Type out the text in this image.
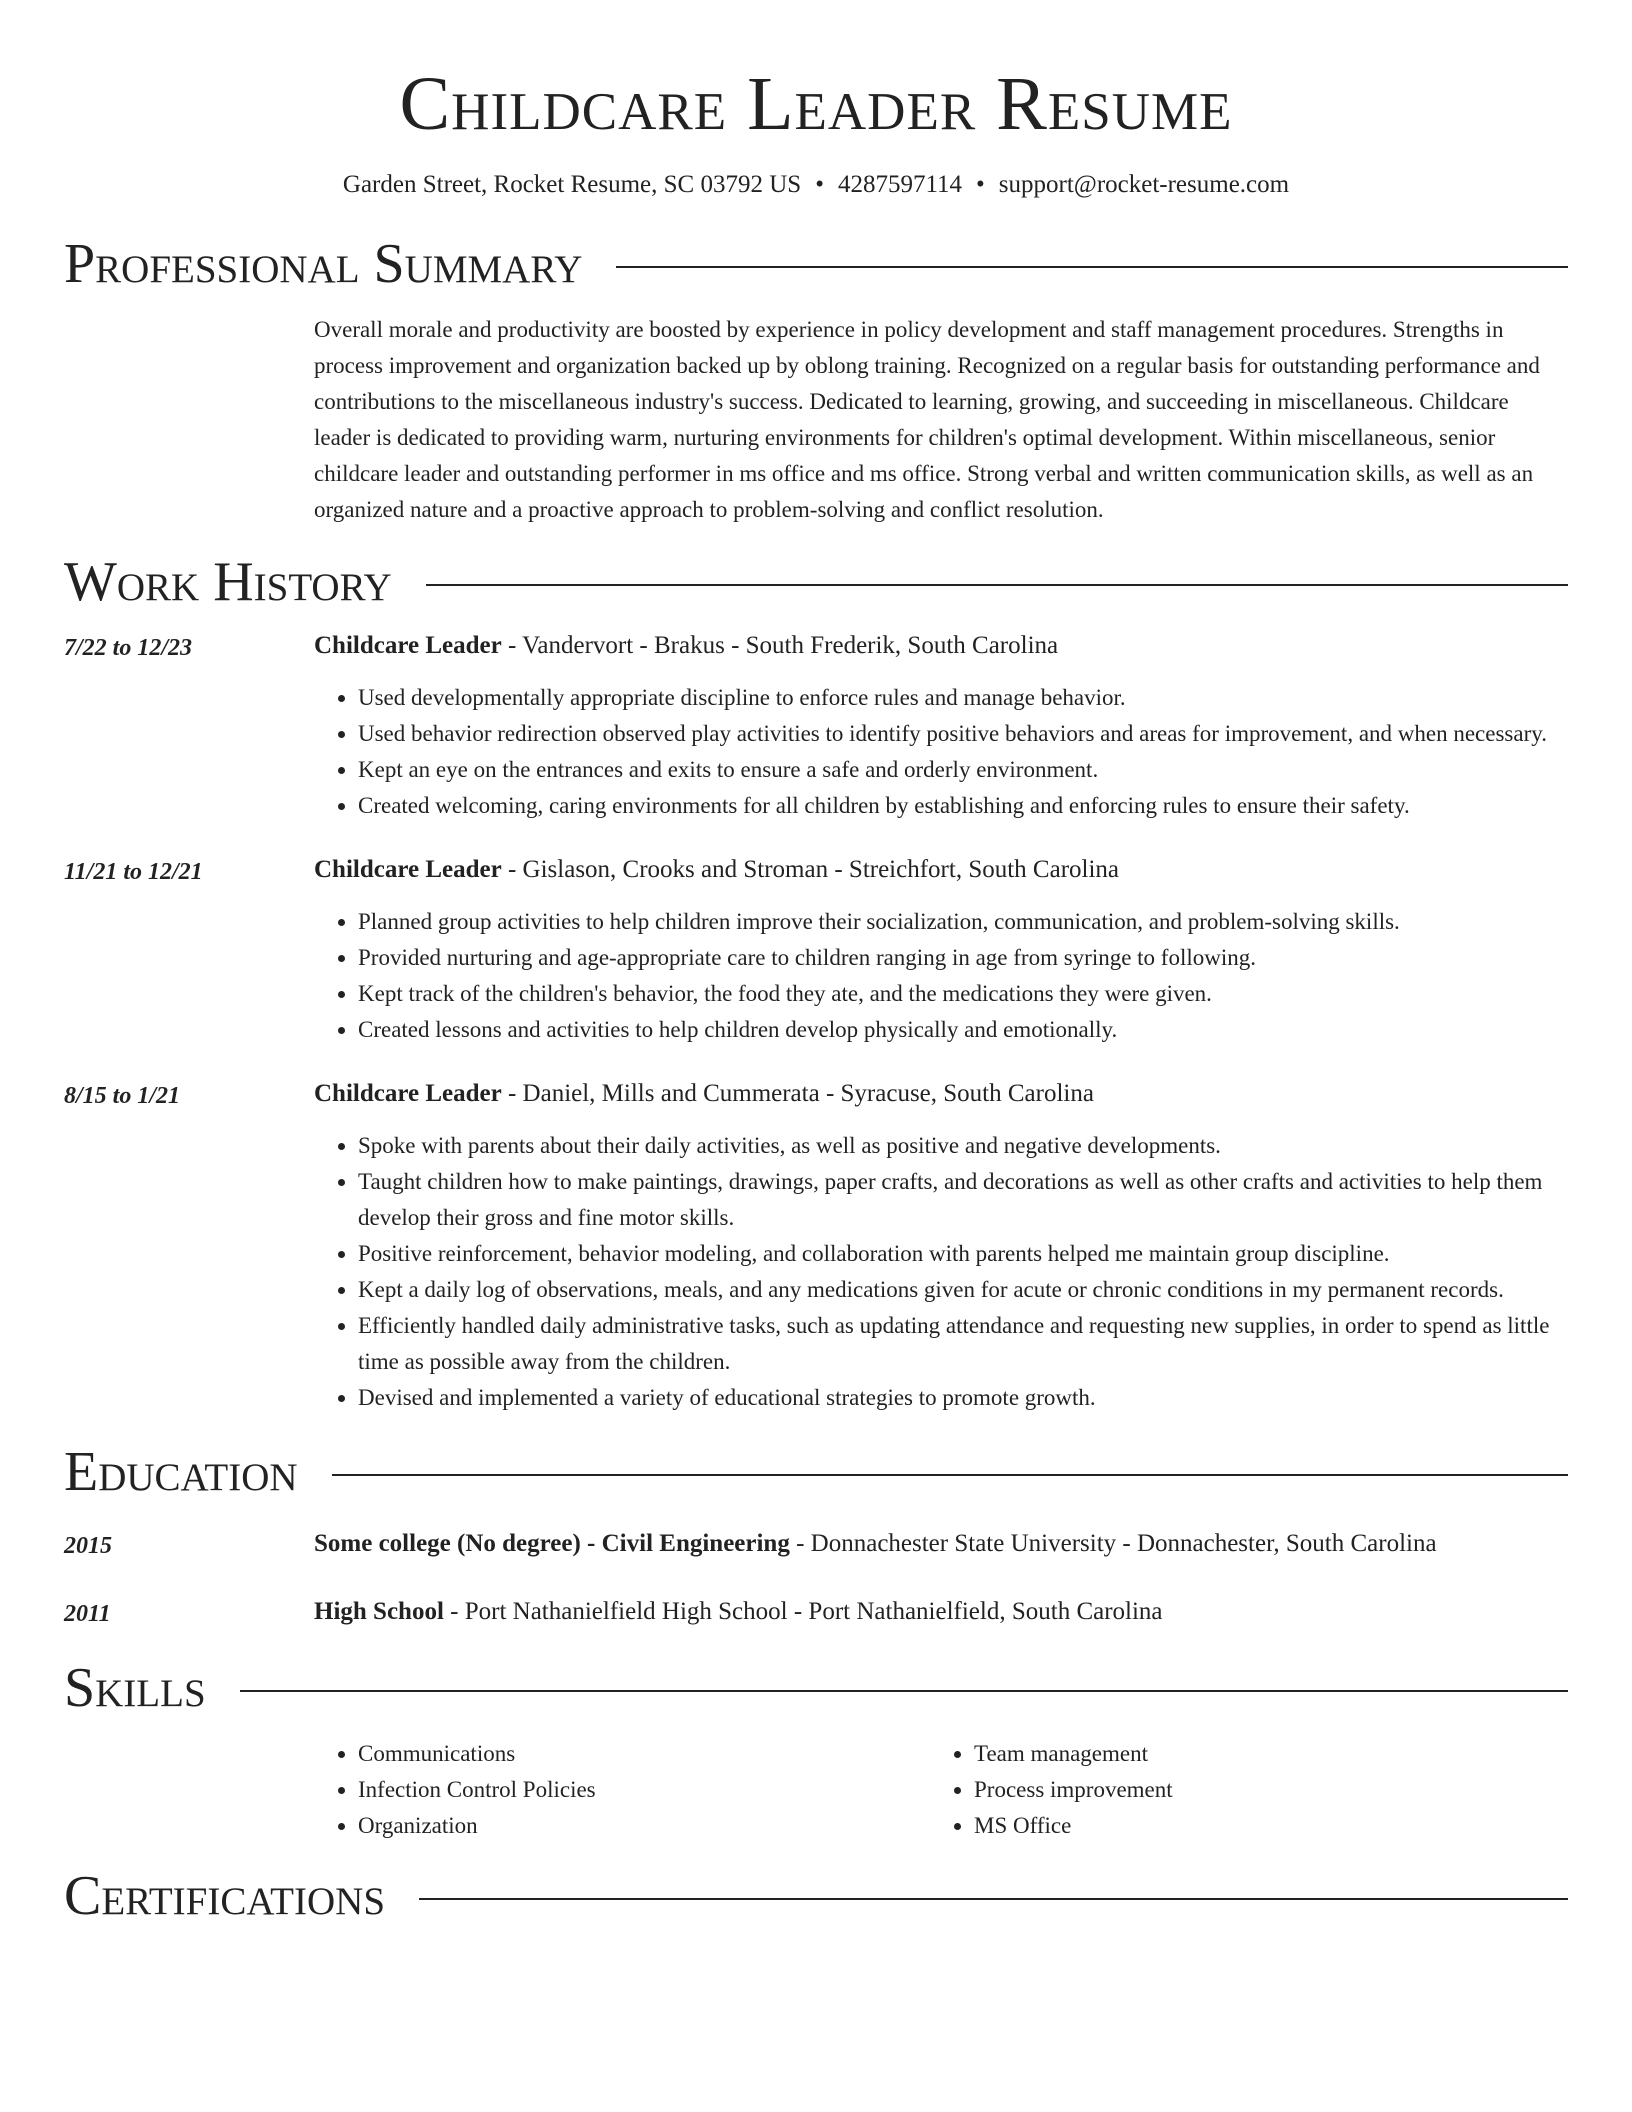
Childcare Leader Resume
Garden Street, Rocket Resume, SC 03792 US • 4287597114 • support@rocket-resume.com
Professional Summary
Overall morale and productivity are boosted by experience in policy development and staff management procedures. Strengths in process improvement and organization backed up by oblong training. Recognized on a regular basis for outstanding performance and contributions to the miscellaneous industry's success. Dedicated to learning, growing, and succeeding in miscellaneous. Childcare leader is dedicated to providing warm, nurturing environments for children's optimal development. Within miscellaneous, senior childcare leader and outstanding performer in ms office and ms office. Strong verbal and written communication skills, as well as an organized nature and a proactive approach to problem-solving and conflict resolution.
Work History
7/22 to 12/23	Childcare Leader - Vandervort - Brakus - South Frederik, South Carolina
• Used developmentally appropriate discipline to enforce rules and manage behavior.
• Used behavior redirection observed play activities to identify positive behaviors and areas for improvement, and when necessary.
• Kept an eye on the entrances and exits to ensure a safe and orderly environment.
• Created welcoming, caring environments for all children by establishing and enforcing rules to ensure their safety.
11/21 to 12/21	Childcare Leader - Gislason, Crooks and Stroman - Streichfort, South Carolina
• Planned group activities to help children improve their socialization, communication, and problem-solving skills.
• Provided nurturing and age-appropriate care to children ranging in age from syringe to following.
• Kept track of the children's behavior, the food they ate, and the medications they were given.
• Created lessons and activities to help children develop physically and emotionally.
8/15 to 1/21	Childcare Leader - Daniel, Mills and Cummerata - Syracuse, South Carolina
• Spoke with parents about their daily activities, as well as positive and negative developments.
• Taught children how to make paintings, drawings, paper crafts, and decorations as well as other crafts and activities to help them develop their gross and fine motor skills.
• Positive reinforcement, behavior modeling, and collaboration with parents helped me maintain group discipline.
• Kept a daily log of observations, meals, and any medications given for acute or chronic conditions in my permanent records.
• Efficiently handled daily administrative tasks, such as updating attendance and requesting new supplies, in order to spend as little time as possible away from the children.
• Devised and implemented a variety of educational strategies to promote growth.
Education
2015	Some college (No degree) - Civil Engineering - Donnachester State University - Donnachester, South Carolina
2011	High School - Port Nathanielfield High School - Port Nathanielfield, South Carolina
Skills
• Communications
• Infection Control Policies
• Organization
• Team management
• Process improvement
• MS Office
Certifications
